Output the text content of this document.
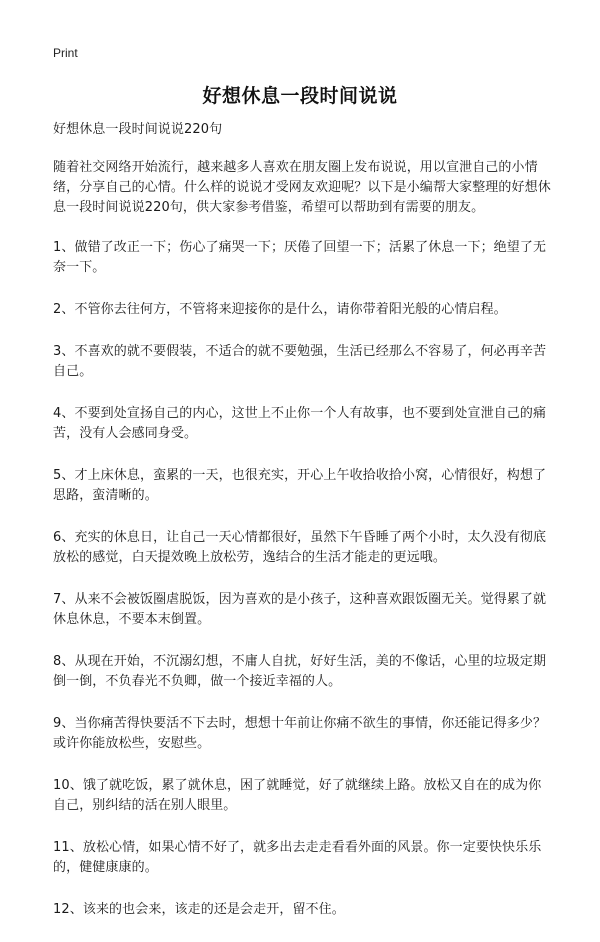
Print
好想休息一段时间说说

好想休息一段时间说说220句

随着社交网络开始流行，越来越多人喜欢在朋友圈上发布说说，用以宣泄自己的小情绪，分享自己的心情。什么样的说说才受网友欢迎呢？以下是小编帮大家整理的好想休息一段时间说说220句，供大家参考借鉴，希望可以帮助到有需要的朋友。

1、做错了改正一下；伤心了痛哭一下；厌倦了回望一下；活累了休息一下；绝望了无奈一下。

2、不管你去往何方，不管将来迎接你的是什么，请你带着阳光般的心情启程。

3、不喜欢的就不要假装，不适合的就不要勉强，生活已经那么不容易了，何必再辛苦自己。

4、不要到处宣扬自己的内心，这世上不止你一个人有故事，也不要到处宣泄自己的痛苦，没有人会感同身受。

5、才上床休息，蛮累的一天，也很充实，开心上午收拾收拾小窝，心情很好，构想了思路，蛮清晰的。

6、充实的休息日，让自己一天心情都很好，虽然下午昏睡了两个小时，太久没有彻底放松的感觉，白天提效晚上放松劳，逸结合的生活才能走的更远哦。

7、从来不会被饭圈虐脱饭，因为喜欢的是小孩子，这种喜欢跟饭圈无关。觉得累了就休息休息，不要本末倒置。

8、从现在开始，不沉溺幻想，不庸人自扰，好好生活，美的不像话，心里的垃圾定期倒一倒，不负春光不负卿，做一个接近幸福的人。

9、当你痛苦得快要活不下去时，想想十年前让你痛不欲生的事情，你还能记得多少？或许你能放松些，安慰些。

10、饿了就吃饭，累了就休息，困了就睡觉，好了就继续上路。放松又自在的成为你自己，别纠结的活在别人眼里。

11、放松心情，如果心情不好了，就多出去走走看看外面的风景。你一定要快快乐乐的，健健康康的。

12、该来的也会来，该走的还是会走开，留不住。
